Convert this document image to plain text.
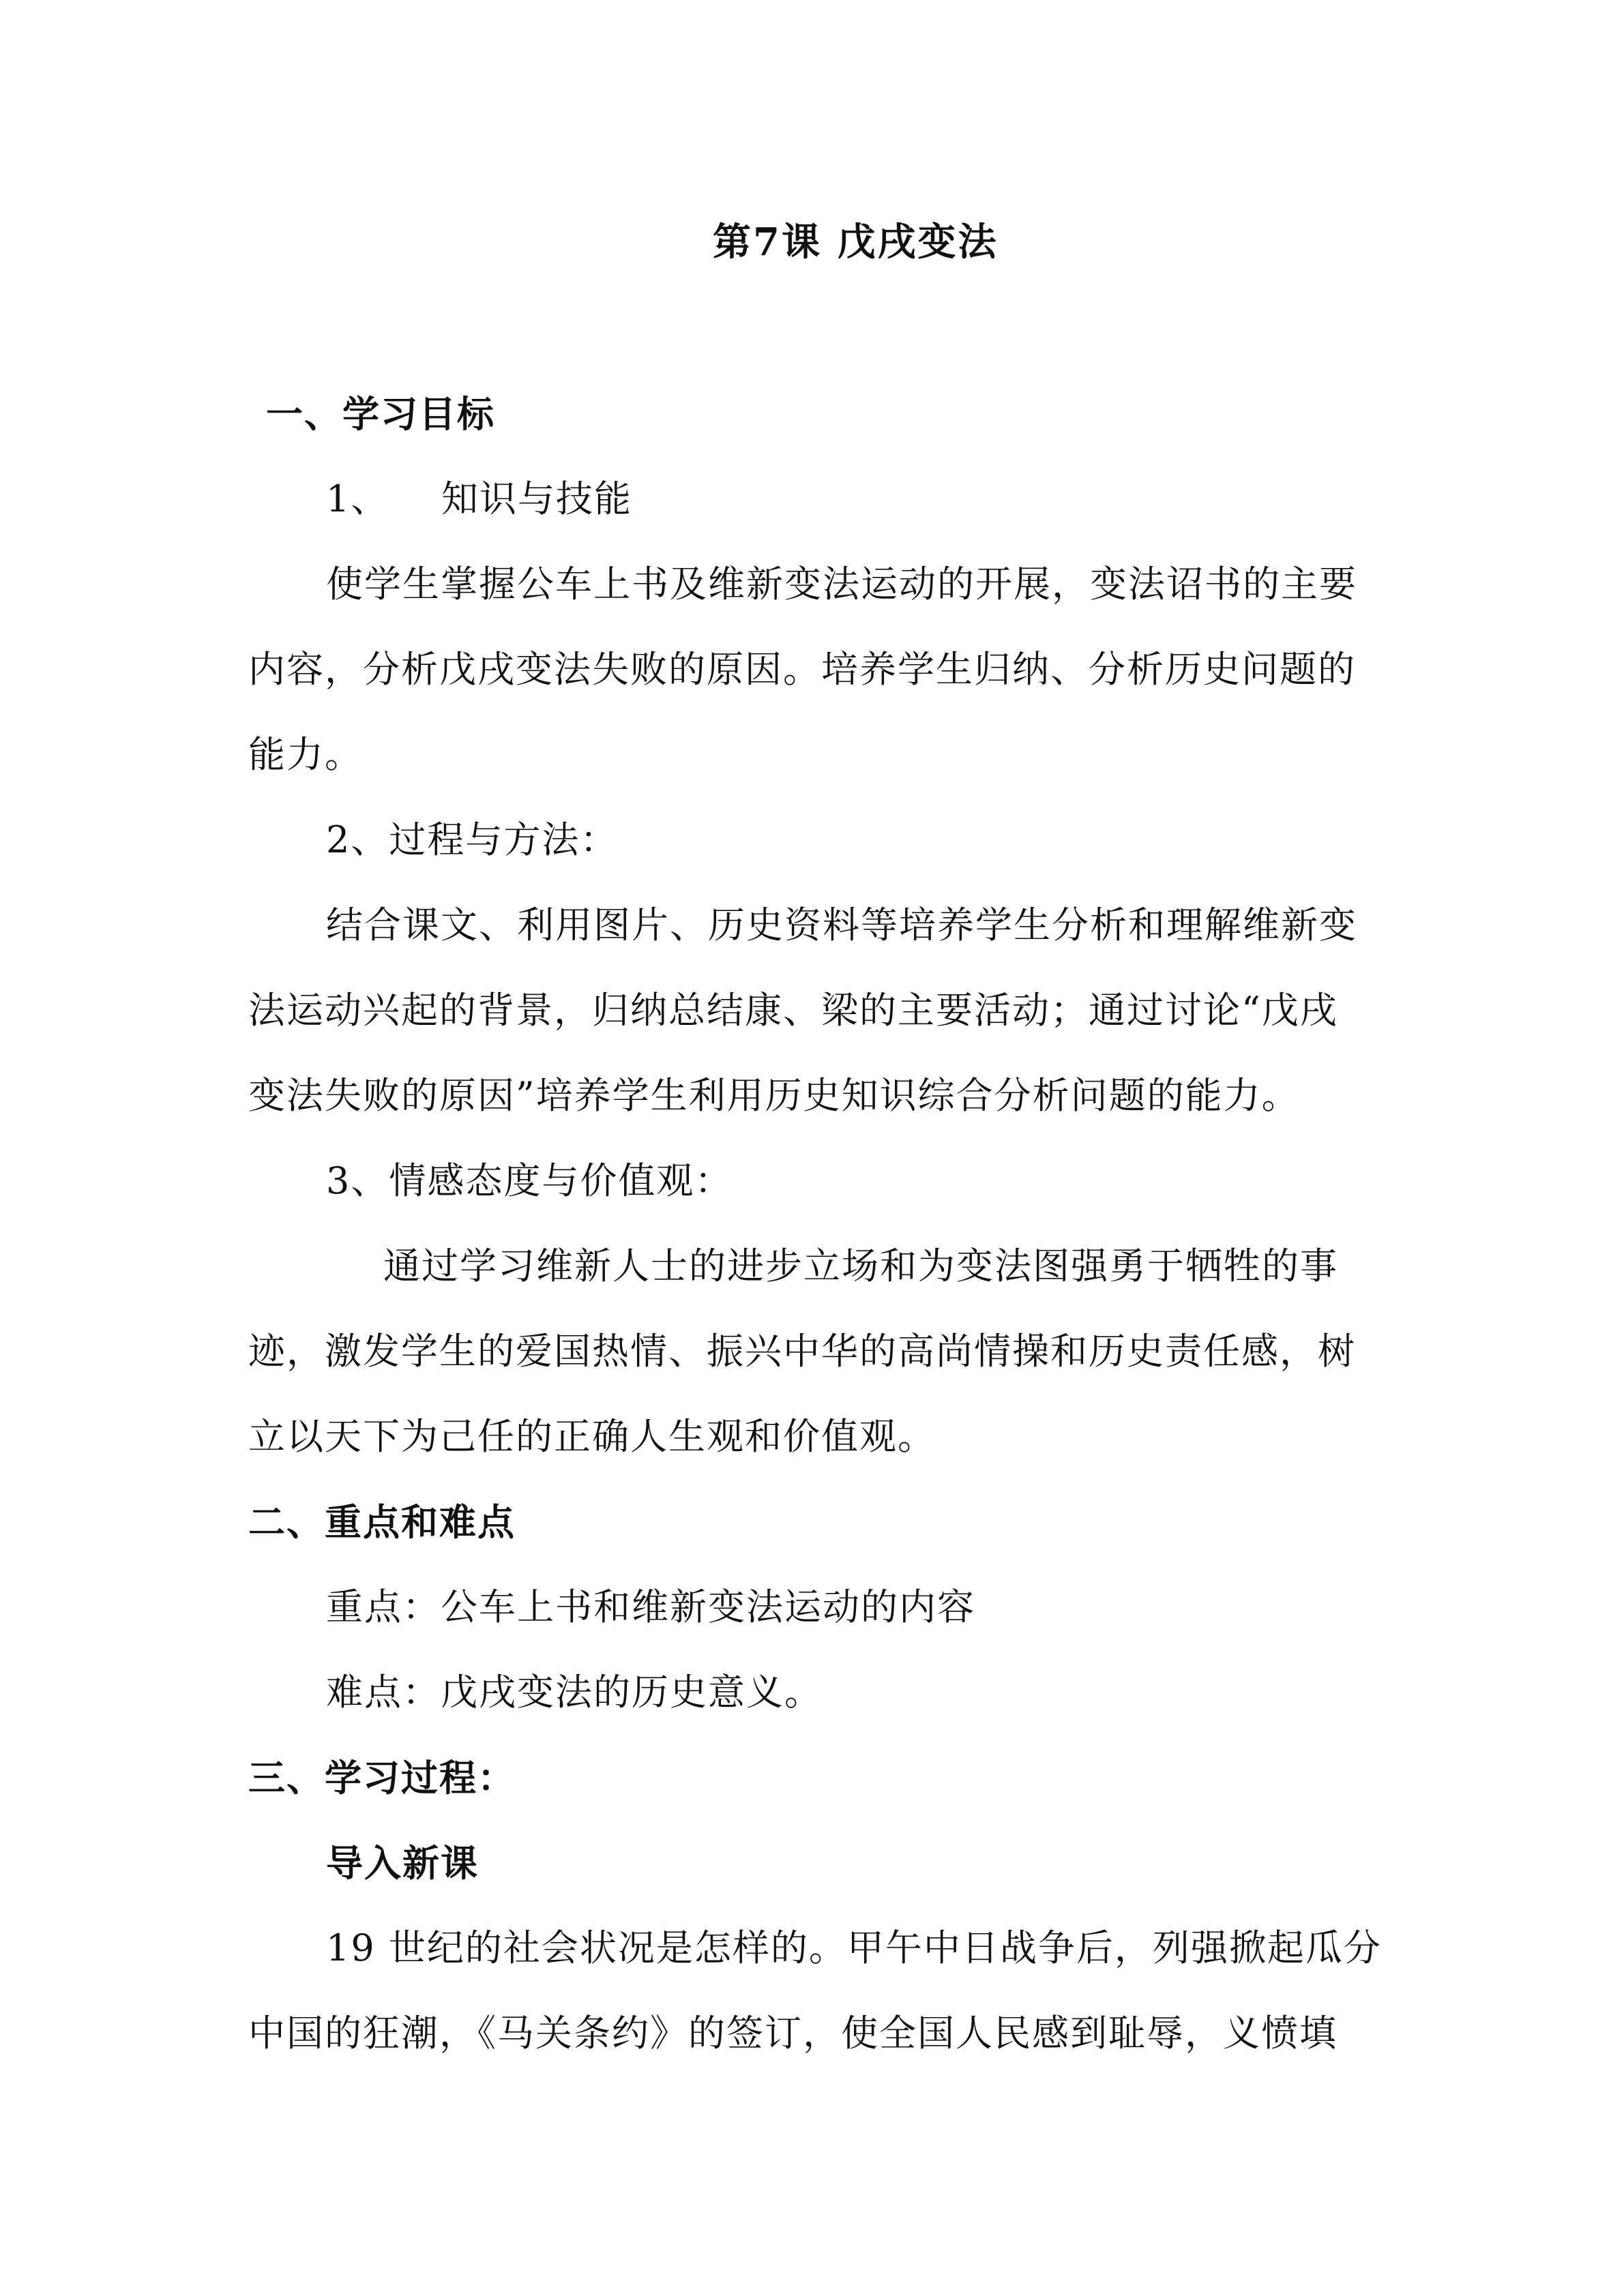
第7课 戊戌变法
一、学习目标
1、    知识与技能
使学生掌握公车上书及维新变法运动的开展，变法诏书的主要
内容，分析戊戌变法失败的原因。培养学生归纳、分析历史问题的
能力。
2、过程与方法：
结合课文、利用图片、历史资料等培养学生分析和理解维新变
法运动兴起的背景，归纳总结康、梁的主要活动；通过讨论“戊戌
变法失败的原因”培养学生利用历史知识综合分析问题的能力。
3、情感态度与价值观：
通过学习维新人士的进步立场和为变法图强勇于牺牲的事
迹，激发学生的爱国热情、振兴中华的高尚情操和历史责任感，树
立以天下为己任的正确人生观和价值观。
二、重点和难点
重点：公车上书和维新变法运动的内容
难点：戊戌变法的历史意义。
三、学习过程：
导入新课
19 世纪的社会状况是怎样的。甲午中日战争后，列强掀起瓜分
中国的狂潮，《马关条约》的签订，使全国人民感到耻辱，义愤填
